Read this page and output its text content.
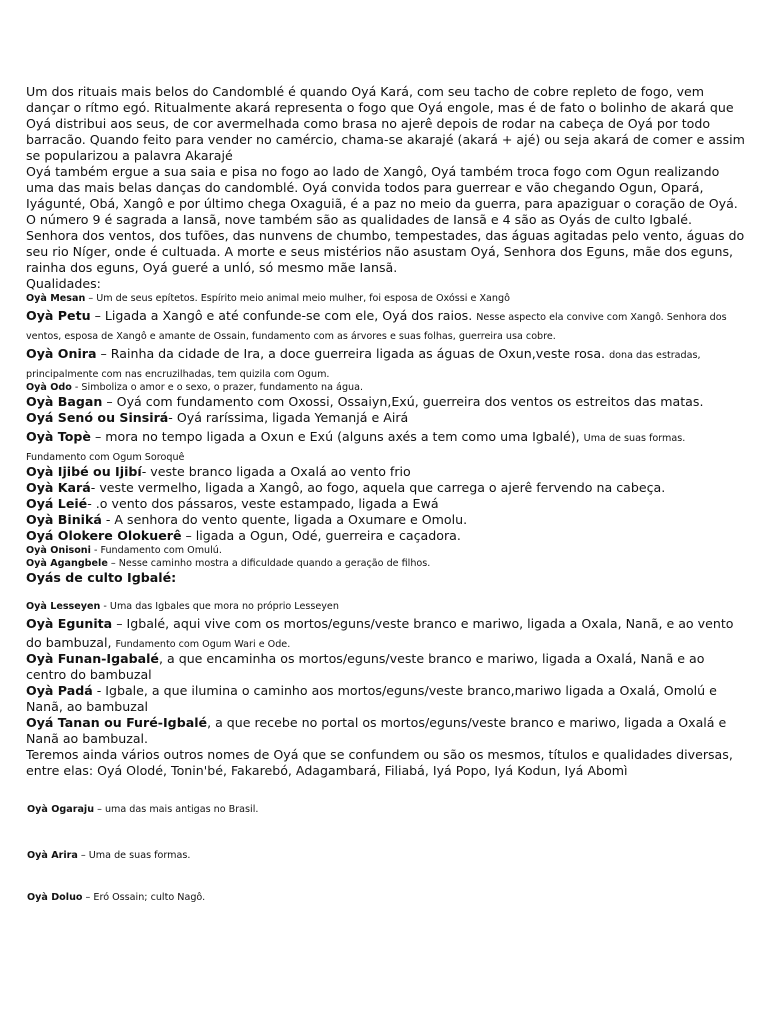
Um dos rituais mais belos do Candomblé é quando Oyá Kará, com seu tacho de cobre repleto de fogo, vem dançar o rítmo egó. Ritualmente akará representa o fogo que Oyá engole, mas é de fato o bolinho de akará que Oyá distribui aos seus, de cor avermelhada como brasa no ajerê depois de rodar na cabeça de Oyá por todo barracão. Quando feito para vender no camércio, chama-se akarajé (akará + ajé) ou seja akará de comer e assim se popularizou a palavra Akarajé

Oyá também ergue a sua saia e pisa no fogo ao lado de Xangô, Oyá também troca fogo com Ogun realizando uma das mais belas danças do candomblé. Oyá convida todos para guerrear e vão chegando Ogun, Opará, Iyágunté, Obá, Xangô e por último chega Oxaguiã, é a paz no meio da guerra, para apaziguar o coração de Oyá. O número 9 é sagrada a Iansã, nove também são as qualidades de Iansã e 4 são as Oyás de culto Igbalé. Senhora dos ventos, dos tufões, das nunvens de chumbo, tempestades, das águas agitadas pelo vento, águas do seu rio Níger, onde é cultuada. A morte e seus mistérios não asustam Oyá, Senhora dos Eguns, mãe dos eguns, rainha dos eguns, Oyá gueré a unló, só mesmo mãe Iansã.

Qualidades:

Oyà Mesan – Um de seus epítetos. Espírito meio animal meio mulher, foi esposa de Oxóssi e Xangô

Oyà Petu – Ligada a Xangô e até confunde-se com ele, Oyá dos raios. Nesse aspecto ela convive com Xangô. Senhora dos ventos, esposa de Xangô e amante de Ossain, fundamento com as árvores e suas folhas, guerreira usa cobre.

Oyà Onira – Rainha da cidade de Ira, a doce guerreira ligada as águas de Oxun,veste rosa. dona das estradas, principalmente com nas encruzilhadas, tem quizila com Ogum.

Oyà Odo - Simboliza o amor e o sexo, o prazer, fundamento na água.

Oyà Bagan – Oyá com fundamento com Oxossi, Ossaiyn,Exú, guerreira dos ventos os estreitos das matas.

Oyá Senó ou Sinsirá- Oyá raríssima, ligada Yemanjá e Airá

Oyà Topè – mora no tempo ligada a Oxun e Exú (alguns axés a tem como uma Igbalé), Uma de suas formas. Fundamento com Ogum Soroquê

Oyà Ijibé ou Ijibí- veste branco ligada a Oxalá ao vento frio

Oyà Kará- veste vermelho, ligada a Xangô, ao fogo, aquela que carrega o ajerê fervendo na cabeça.

Oyá Leié- .o vento dos pássaros, veste estampado, ligada a Ewá

Oyà Biniká - A senhora do vento quente, ligada a Oxumare e Omolu.

Oyá Olokere Olokuerê – ligada a Ogun, Odé, guerreira e caçadora.

Oyà Onisoni - Fundamento com Omulú.

Oyà Agangbele – Nesse caminho mostra a dificuldade quando a geração de filhos.

Oyás de culto Igbalé:

Oyà Lesseyen - Uma das Igbales que mora no próprio Lesseyen

Oyà Egunita – Igbalé, aqui vive com os mortos/eguns/veste branco e mariwo, ligada a Oxala, Nanã, e ao vento do bambuzal, Fundamento com Ogum Wari e Ode.

Oyà Funan-Igabalé, a que encaminha os mortos/eguns/veste branco e mariwo, ligada a Oxalá, Nanã e ao centro do bambuzal

Oyà Padá - Igbale, a que ilumina o caminho aos mortos/eguns/veste branco,mariwo ligada a Oxalá, Omolú e Nanã, ao bambuzal

Oyá Tanan ou Furé-Igbalé, a que recebe no portal os mortos/eguns/veste branco e mariwo, ligada a Oxalá e Nanã ao bambuzal.

Teremos ainda vários outros nomes de Oyá que se confundem ou são os mesmos, títulos e qualidades diversas, entre elas: Oyá Olodé, Tonin'bé, Fakarebó, Adagambará, Filiabá, Iyá Popo, Iyá Kodun, Iyá Abomì

Oyà Ogaraju – uma das mais antigas no Brasil.

Oyà Arira – Uma de suas formas.

Oyà Doluo – Eró Ossain; culto Nagô.
